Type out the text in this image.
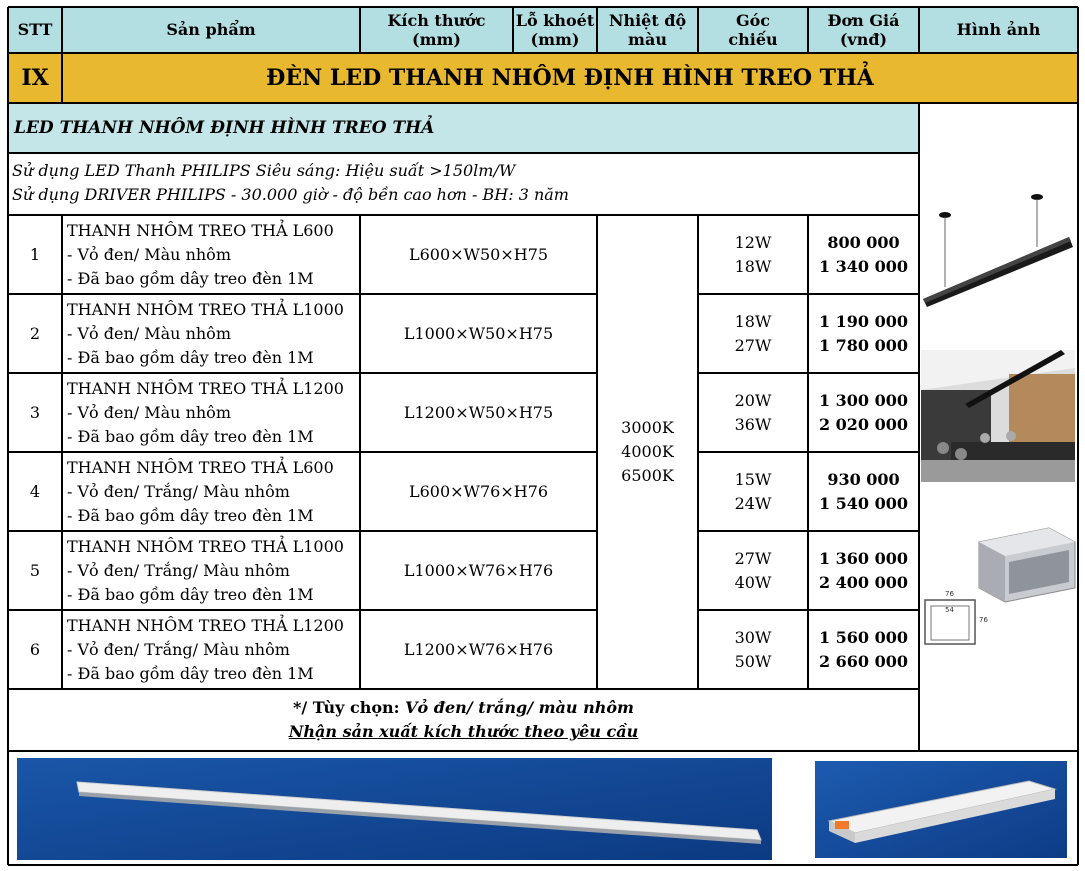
STT	Sản phẩm
Kích thước
(mm)
Lỗ khoét
(mm)
Nhiệt độ
màu
Góc
chiếu
Đơn Giá
(vnđ)
Hình ảnh
IX	ĐÈN LED THANH NHÔM ĐỊNH HÌNH TREO THẢ
LED THANH NHÔM ĐỊNH HÌNH TREO THẢ
Sử dụng LED Thanh PHILIPS Siêu sáng: Hiệu suất >150lm/W
Sử dụng DRIVER PHILIPS - 30.000 giờ - độ bền cao hơn - BH: 3 năm
1
THANH NHÔM TREO THẢ L600
- Vỏ đen/ Màu nhôm
- Đã bao gồm dây treo đèn 1M
L600×W50×H75
12W
18W
800 000
1 340 000
2
THANH NHÔM TREO THẢ L1000
- Vỏ đen/ Màu nhôm
- Đã bao gồm dây treo đèn 1M
L1000×W50×H75
18W
27W
1 190 000
1 780 000
3
THANH NHÔM TREO THẢ L1200
- Vỏ đen/ Màu nhôm
- Đã bao gồm dây treo đèn 1M
L1200×W50×H75
20W
36W
1 300 000
2 020 000
4
THANH NHÔM TREO THẢ L600
- Vỏ đen/ Trắng/ Màu nhôm
- Đã bao gồm dây treo đèn 1M
L600×W76×H76
15W
24W
930 000
1 540 000
5
THANH NHÔM TREO THẢ L1000
- Vỏ đen/ Trắng/ Màu nhôm
- Đã bao gồm dây treo đèn 1M
L1000×W76×H76
27W
40W
1 360 000
2 400 000
6
THANH NHÔM TREO THẢ L1200
- Vỏ đen/ Trắng/ Màu nhôm
- Đã bao gồm dây treo đèn 1M
L1200×W76×H76
30W
50W
1 560 000
2 660 000
3000K
4000K
6500K
*/ Tùy chọn: Vỏ đen/ trắng/ màu nhôm
Nhận sản xuất kích thước theo yêu cầu
76
54
76
